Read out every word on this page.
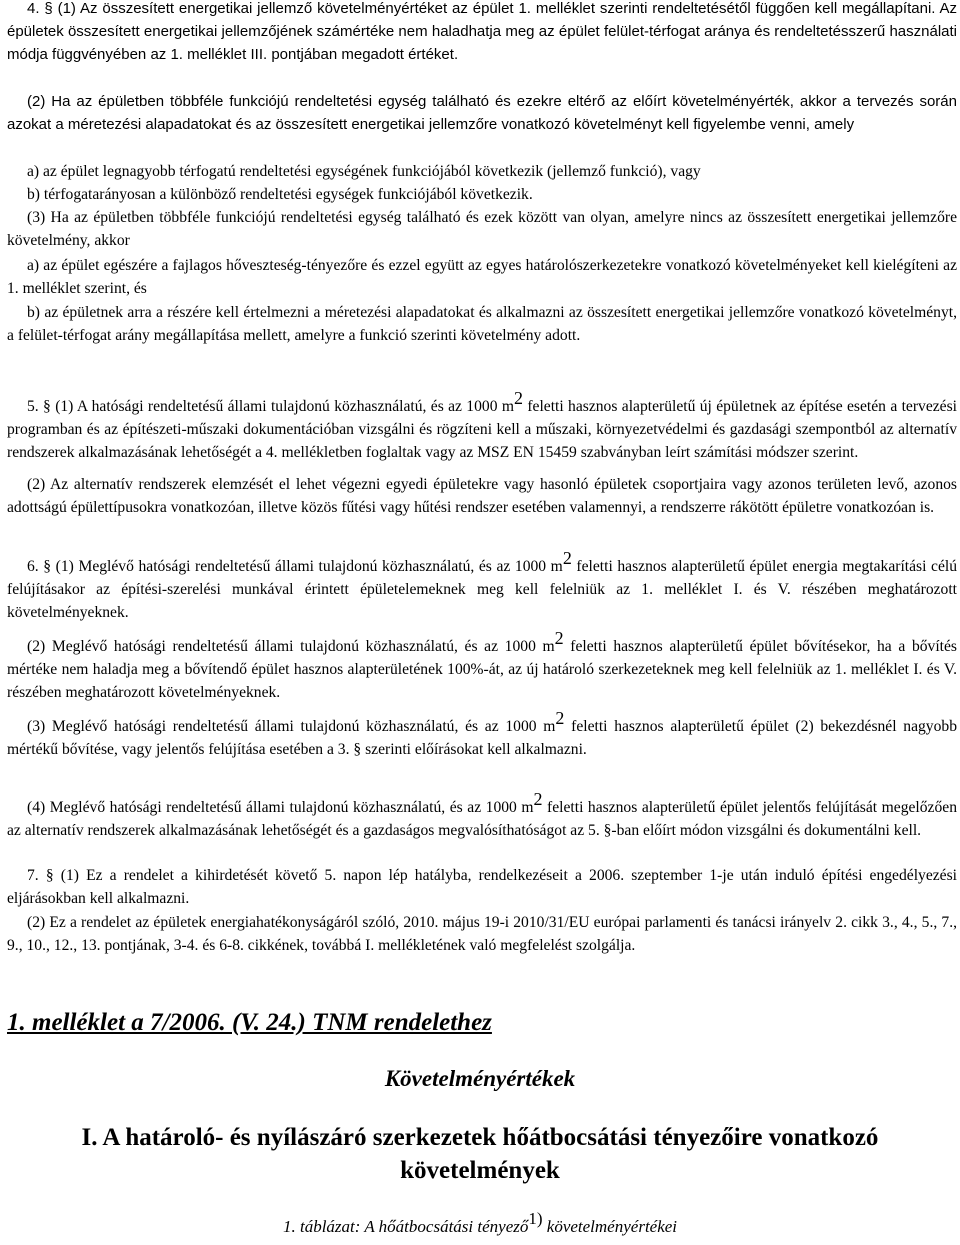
4. § (1) Az összesített energetikai jellemző követelményértéket az épület 1. melléklet szerinti rendeltetésétől függően kell megállapítani. Az épületek összesített energetikai jellemzőjének számértéke nem haladhatja meg az épület felület-térfogat aránya és rendeltetésszerű használati módja függvényében az 1. melléklet III. pontjában megadott értéket.

(2) Ha az épületben többféle funkciójú rendeltetési egység található és ezekre eltérő az előírt követelményérték, akkor a tervezés során azokat a méretezési alapadatokat és az összesített energetikai jellemzőre vonatkozó követelményt kell figyelembe venni, amely

a) az épület legnagyobb térfogatú rendeltetési egységének funkciójából következik (jellemző funkció), vagy

b) térfogatarányosan a különböző rendeltetési egységek funkciójából következik.

(3) Ha az épületben többféle funkciójú rendeltetési egység található és ezek között van olyan, amelyre nincs az összesített energetikai jellemzőre követelmény, akkor

a) az épület egészére a fajlagos hőveszteség-tényezőre és ezzel együtt az egyes határolószerkezetekre vonatkozó követelményeket kell kielégíteni az 1. melléklet szerint, és

b) az épületnek arra a részére kell értelmezni a méretezési alapadatokat és alkalmazni az összesített energetikai jellemzőre vonatkozó követelményt, a felület-térfogat arány megállapítása mellett, amelyre a funkció szerinti követelmény adott.

5. § (1) A hatósági rendeltetésű állami tulajdonú közhasználatú, és az 1000 m2 feletti hasznos alapterületű új épületnek az építése esetén a tervezési programban és az építészeti-műszaki dokumentációban vizsgálni és rögzíteni kell a műszaki, környezetvédelmi és gazdasági szempontból az alternatív rendszerek alkalmazásának lehetőségét a 4. mellékletben foglaltak vagy az MSZ EN 15459 szabványban leírt számítási módszer szerint.

(2) Az alternatív rendszerek elemzését el lehet végezni egyedi épületekre vagy hasonló épületek csoportjaira vagy azonos területen levő, azonos adottságú épülettípusokra vonatkozóan, illetve közös fűtési vagy hűtési rendszer esetében valamennyi, a rendszerre rákötött épületre vonatkozóan is.

6. § (1) Meglévő hatósági rendeltetésű állami tulajdonú közhasználatú, és az 1000 m2 feletti hasznos alapterületű épület energia megtakarítási célú felújításakor az építési-szerelési munkával érintett épületelemeknek meg kell felelniük az 1. melléklet I. és V. részében meghatározott követelményeknek.

(2) Meglévő hatósági rendeltetésű állami tulajdonú közhasználatú, és az 1000 m2 feletti hasznos alapterületű épület bővítésekor, ha a bővítés mértéke nem haladja meg a bővítendő épület hasznos alapterületének 100%-át, az új határoló szerkezeteknek meg kell felelniük az 1. melléklet I. és V. részében meghatározott követelményeknek.

(3) Meglévő hatósági rendeltetésű állami tulajdonú közhasználatú, és az 1000 m2 feletti hasznos alapterületű épület (2) bekezdésnél nagyobb mértékű bővítése, vagy jelentős felújítása esetében a 3. § szerinti előírásokat kell alkalmazni.

(4) Meglévő hatósági rendeltetésű állami tulajdonú közhasználatú, és az 1000 m2 feletti hasznos alapterületű épület jelentős felújítását megelőzően az alternatív rendszerek alkalmazásának lehetőségét és a gazdaságos megvalósíthatóságot az 5. §-ban előírt módon vizsgálni és dokumentálni kell.

7. § (1) Ez a rendelet a kihirdetését követő 5. napon lép hatályba, rendelkezéseit a 2006. szeptember 1-je után induló építési engedélyezési eljárásokban kell alkalmazni.

(2) Ez a rendelet az épületek energiahatékonyságáról szóló, 2010. május 19-i 2010/31/EU európai parlamenti és tanácsi irányelv 2. cikk 3., 4., 5., 7., 9., 10., 12., 13. pontjának, 3-4. és 6-8. cikkének, továbbá I. mellékletének való megfelelést szolgálja.

1. melléklet a 7/2006. (V. 24.) TNM rendelethez
Követelményértékek
I. A határoló- és nyílászáró szerkezetek hőátbocsátási tényezőire vonatkozó követelmények

1. táblázat: A hőátbocsátási tényező1) követelményértékei
